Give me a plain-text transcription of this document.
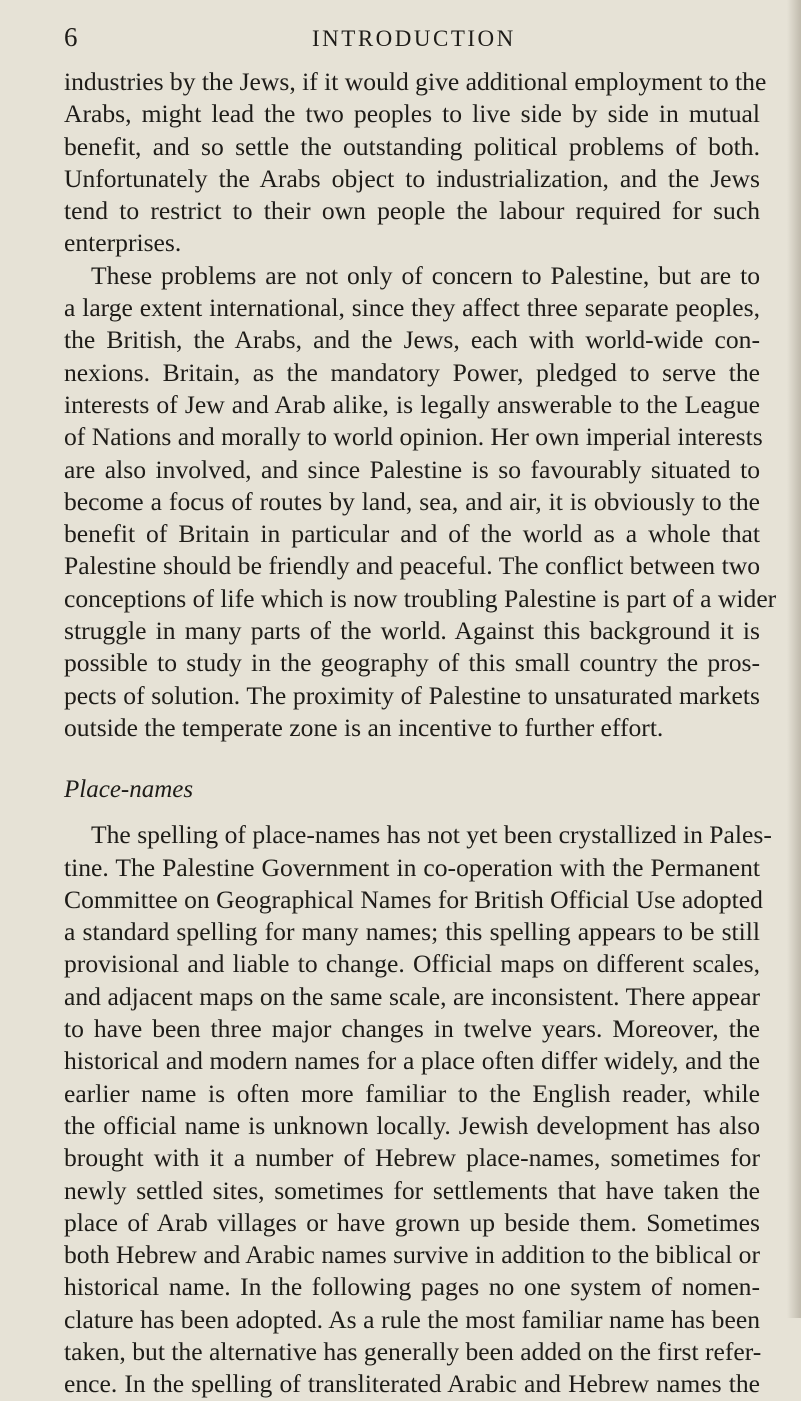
6	INTRODUCTION
industries by the Jews, if it would give additional employment to the
Arabs, might lead the two peoples to live side by side in mutual
benefit, and so settle the outstanding political problems of both.
Unfortunately the Arabs object to industrialization, and the Jews
tend to restrict to their own people the labour required for such
enterprises.
These problems are not only of concern to Palestine, but are to
a large extent international, since they affect three separate peoples,
the British, the Arabs, and the Jews, each with world-wide con-
nexions. Britain, as the mandatory Power, pledged to serve the
interests of Jew and Arab alike, is legally answerable to the League
of Nations and morally to world opinion. Her own imperial interests
are also involved, and since Palestine is so favourably situated to
become a focus of routes by land, sea, and air, it is obviously to the
benefit of Britain in particular and of the world as a whole that
Palestine should be friendly and peaceful. The conflict between two
conceptions of life which is now troubling Palestine is part of a wider
struggle in many parts of the world. Against this background it is
possible to study in the geography of this small country the pros-
pects of solution. The proximity of Palestine to unsaturated markets
outside the temperate zone is an incentive to further effort.
Place-names
The spelling of place-names has not yet been crystallized in Pales-
tine. The Palestine Government in co-operation with the Permanent
Committee on Geographical Names for British Official Use adopted
a standard spelling for many names; this spelling appears to be still
provisional and liable to change. Official maps on different scales,
and adjacent maps on the same scale, are inconsistent. There appear
to have been three major changes in twelve years. Moreover, the
historical and modern names for a place often differ widely, and the
earlier name is often more familiar to the English reader, while
the official name is unknown locally. Jewish development has also
brought with it a number of Hebrew place-names, sometimes for
newly settled sites, sometimes for settlements that have taken the
place of Arab villages or have grown up beside them. Sometimes
both Hebrew and Arabic names survive in addition to the biblical or
historical name. In the following pages no one system of nomen-
clature has been adopted. As a rule the most familiar name has been
taken, but the alternative has generally been added on the first refer-
ence. In the spelling of transliterated Arabic and Hebrew names the
